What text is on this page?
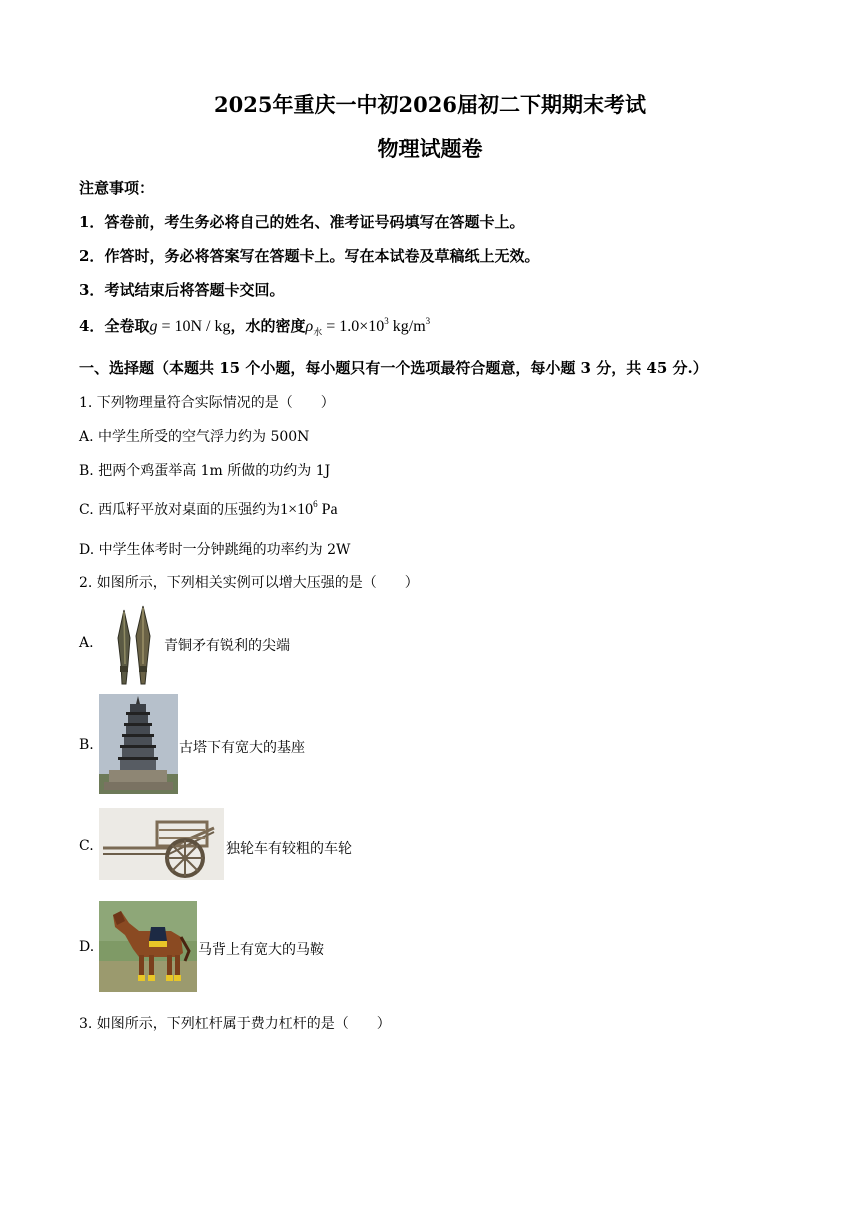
2025年重庆一中初2026届初二下期期末考试
物理试题卷
注意事项：
1．答卷前，考生务必将自己的姓名、准考证号码填写在答题卡上。
2．作答时，务必将答案写在答题卡上。写在本试卷及草稿纸上无效。
3．考试结束后将答题卡交回。
4．全卷取g = 10N / kg，水的密度$\rho_水 = 1.0\times 10^3$ $kg/m^3$
一、选择题（本题共 15 个小题，每小题只有一个选项最符合题意，每小题 3 分，共 45 分.）
1. 下列物理量符合实际情况的是（　　）
A. 中学生所受的空气浮力约为 500N
B. 把两个鸡蛋举高 1m 所做的功约为 1J
C. 西瓜籽平放对桌面的压强约为$1\times 10^6$ Pa
D. 中学生体考时一分钟跳绳的功率约为 2W
2. 如图所示，下列相关实例可以增大压强的是（　　）
A.	青铜矛有锐利的尖端
B.	古塔下有宽大的基座
C.	独轮车有较粗的车轮
D.	马背上有宽大的马鞍
3. 如图所示，下列杠杆属于费力杠杆的是（　　）
